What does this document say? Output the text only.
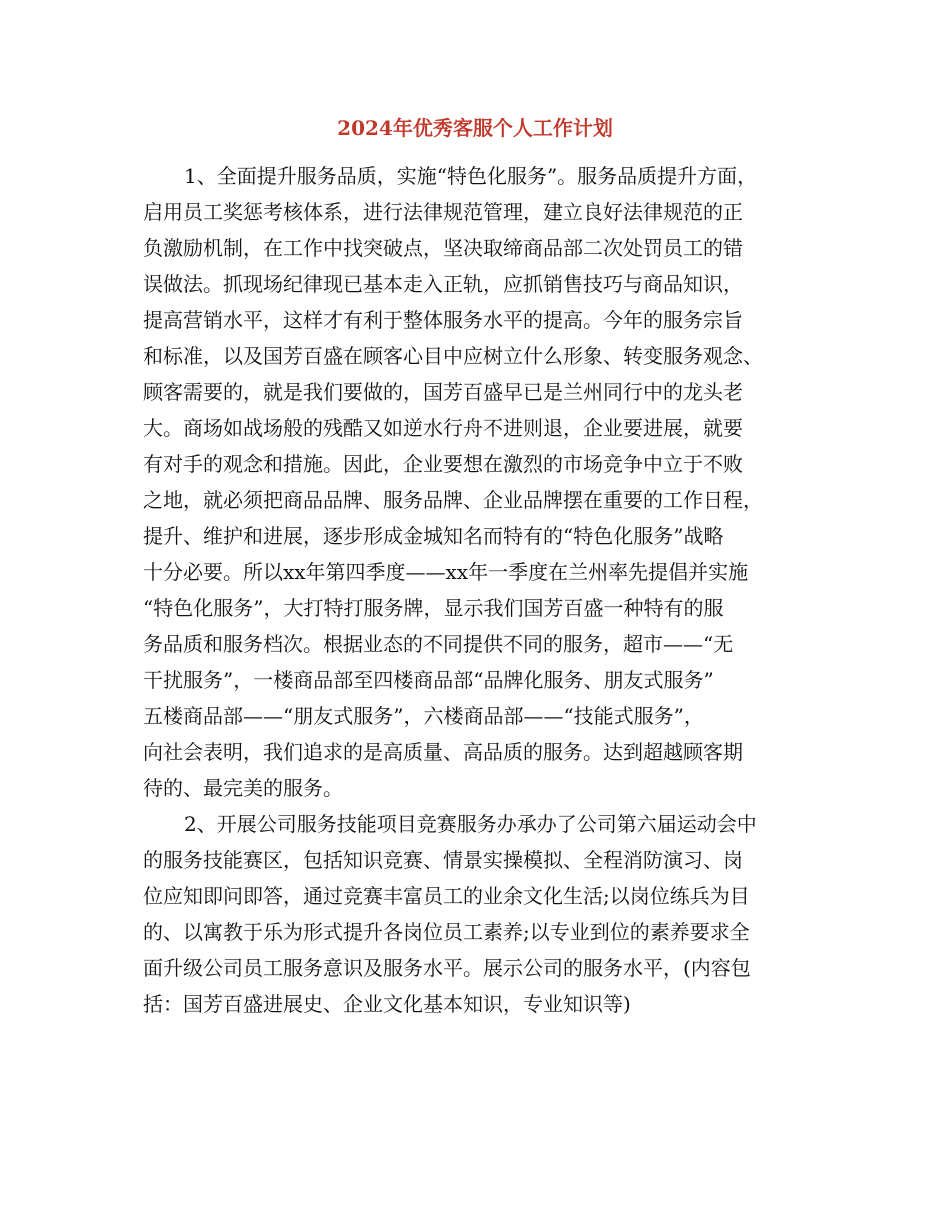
2024年优秀客服个人工作计划
1、全面提升服务品质，实施“特色化服务”。服务品质提升方面，
启用员工奖惩考核体系，进行法律规范管理，建立良好法律规范的正
负激励机制，在工作中找突破点，坚决取缔商品部二次处罚员工的错
误做法。抓现场纪律现已基本走入正轨，应抓销售技巧与商品知识，
提高营销水平，这样才有利于整体服务水平的提高。今年的服务宗旨
和标准，以及国芳百盛在顾客心目中应树立什么形象、转变服务观念、
顾客需要的，就是我们要做的，国芳百盛早已是兰州同行中的龙头老
大。商场如战场般的残酷又如逆水行舟不进则退，企业要进展，就要
有对手的观念和措施。因此，企业要想在激烈的市场竞争中立于不败
之地，就必须把商品品牌、服务品牌、企业品牌摆在重要的工作日程，
提升、维护和进展，逐步形成金城知名而特有的“特色化服务”战略
十分必要。所以xx年第四季度——xx年一季度在兰州率先提倡并实施
“特色化服务”，大打特打服务牌，显示我们国芳百盛一种特有的服
务品质和服务档次。根据业态的不同提供不同的服务，超市——“无
干扰服务”，一楼商品部至四楼商品部“品牌化服务、朋友式服务”
五楼商品部——“朋友式服务”，六楼商品部——“技能式服务”，
向社会表明，我们追求的是高质量、高品质的服务。达到超越顾客期
待的、最完美的服务。
2、开展公司服务技能项目竞赛服务办承办了公司第六届运动会中
的服务技能赛区，包括知识竞赛、情景实操模拟、全程消防演习、岗
位应知即问即答，通过竞赛丰富员工的业余文化生活;以岗位练兵为目
的、以寓教于乐为形式提升各岗位员工素养;以专业到位的素养要求全
面升级公司员工服务意识及服务水平。展示公司的服务水平，(内容包
括：国芳百盛进展史、企业文化基本知识，专业知识等)
